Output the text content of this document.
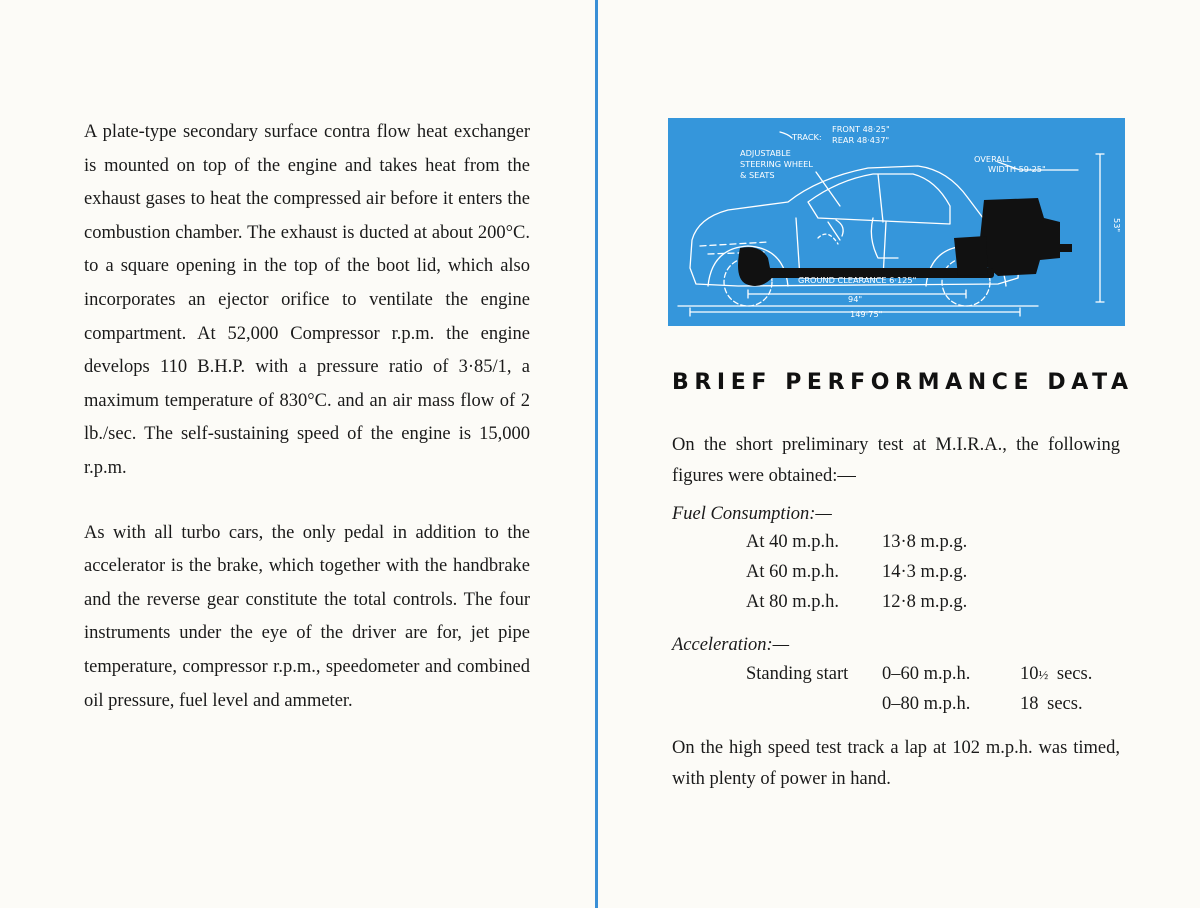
A plate-type secondary surface contra flow heat exchanger is mounted on top of the engine and takes heat from the exhaust gases to heat the compressed air before it enters the combustion chamber. The exhaust is ducted at about 200°C. to a square opening in the top of the boot lid, which also incorporates an ejector orifice to ventilate the engine compartment. At 52,000 Compressor r.p.m. the engine develops 110 B.H.P. with a pressure ratio of 3·85/1, a maximum temperature of 830°C. and an air mass flow of 2 lb./sec. The self-sustaining speed of the engine is 15,000 r.p.m.

As with all turbo cars, the only pedal in addition to the accelerator is the brake, which together with the handbrake and the reverse gear constitute the total controls. The four instruments under the eye of the driver are for, jet pipe temperature, compressor r.p.m., speedometer and combined oil pressure, fuel level and ammeter.

TRACK:
FRONT 48·25"
REAR 48·437"
ADJUSTABLE
STEERING WHEEL
& SEATS
OVERALL
WIDTH 59·25"
53"
GROUND CLEARANCE 6·125"
94"
149·75"
BRIEF PERFORMANCE DATA
On the short preliminary test at M.I.R.A., the following figures were obtained:—
Fuel Consumption:—
At 40 m.p.h. 13·8 m.p.g.
At 60 m.p.h. 14·3 m.p.g.
At 80 m.p.h. 12·8 m.p.g.
Acceleration:—
Standing start 0–60 m.p.h.	10½ secs.
0–80 m.p.h.	18 secs.
On the high speed test track a lap at 102 m.p.h. was timed, with plenty of power in hand.
